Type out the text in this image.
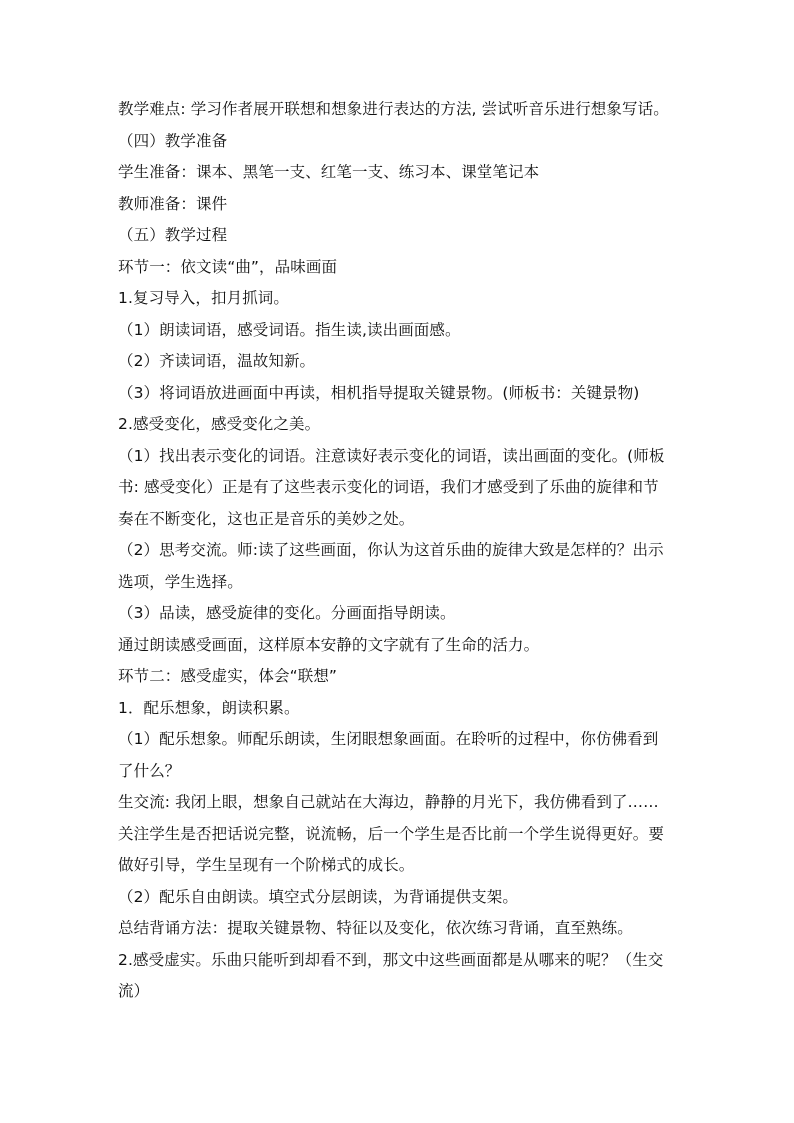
教学难点: 学习作者展开联想和想象进行表达的方法, 尝试听音乐进行想象写话。
（四）教学准备
学生准备：课本、黑笔一支、红笔一支、练习本、课堂笔记本
教师准备：课件
（五）教学过程
环节一：依文读“曲”，品味画面
1.复习导入，扣月抓词。
（1）朗读词语，感受词语。指生读,读出画面感。
（2）齐读词语，温故知新。
（3）将词语放进画面中再读，相机指导提取关键景物。(师板书：关键景物)
2.感受变化，感受变化之美。
（1）找出表示变化的词语。注意读好表示变化的词语，读出画面的变化。(师板
书: 感受变化）正是有了这些表示变化的词语，我们才感受到了乐曲的旋律和节
奏在不断变化，这也正是音乐的美妙之处。
（2）思考交流。师:读了这些画面，你认为这首乐曲的旋律大致是怎样的？出示
选项，学生选择。
（3）品读，感受旋律的变化。分画面指导朗读。
通过朗读感受画面，这样原本安静的文字就有了生命的活力。
环节二：感受虚实，体会“联想”
1．配乐想象，朗读积累。
（1）配乐想象。师配乐朗读，生闭眼想象画面。在聆听的过程中，你仿佛看到
了什么？
生交流: 我闭上眼，想象自己就站在大海边，静静的月光下，我仿佛看到了……
关注学生是否把话说完整，说流畅，后一个学生是否比前一个学生说得更好。要
做好引导，学生呈现有一个阶梯式的成长。
（2）配乐自由朗读。填空式分层朗读，为背诵提供支架。
总结背诵方法：提取关键景物、特征以及变化，依次练习背诵，直至熟练。
2.感受虚实。乐曲只能听到却看不到，那文中这些画面都是从哪来的呢？（生交
流）
